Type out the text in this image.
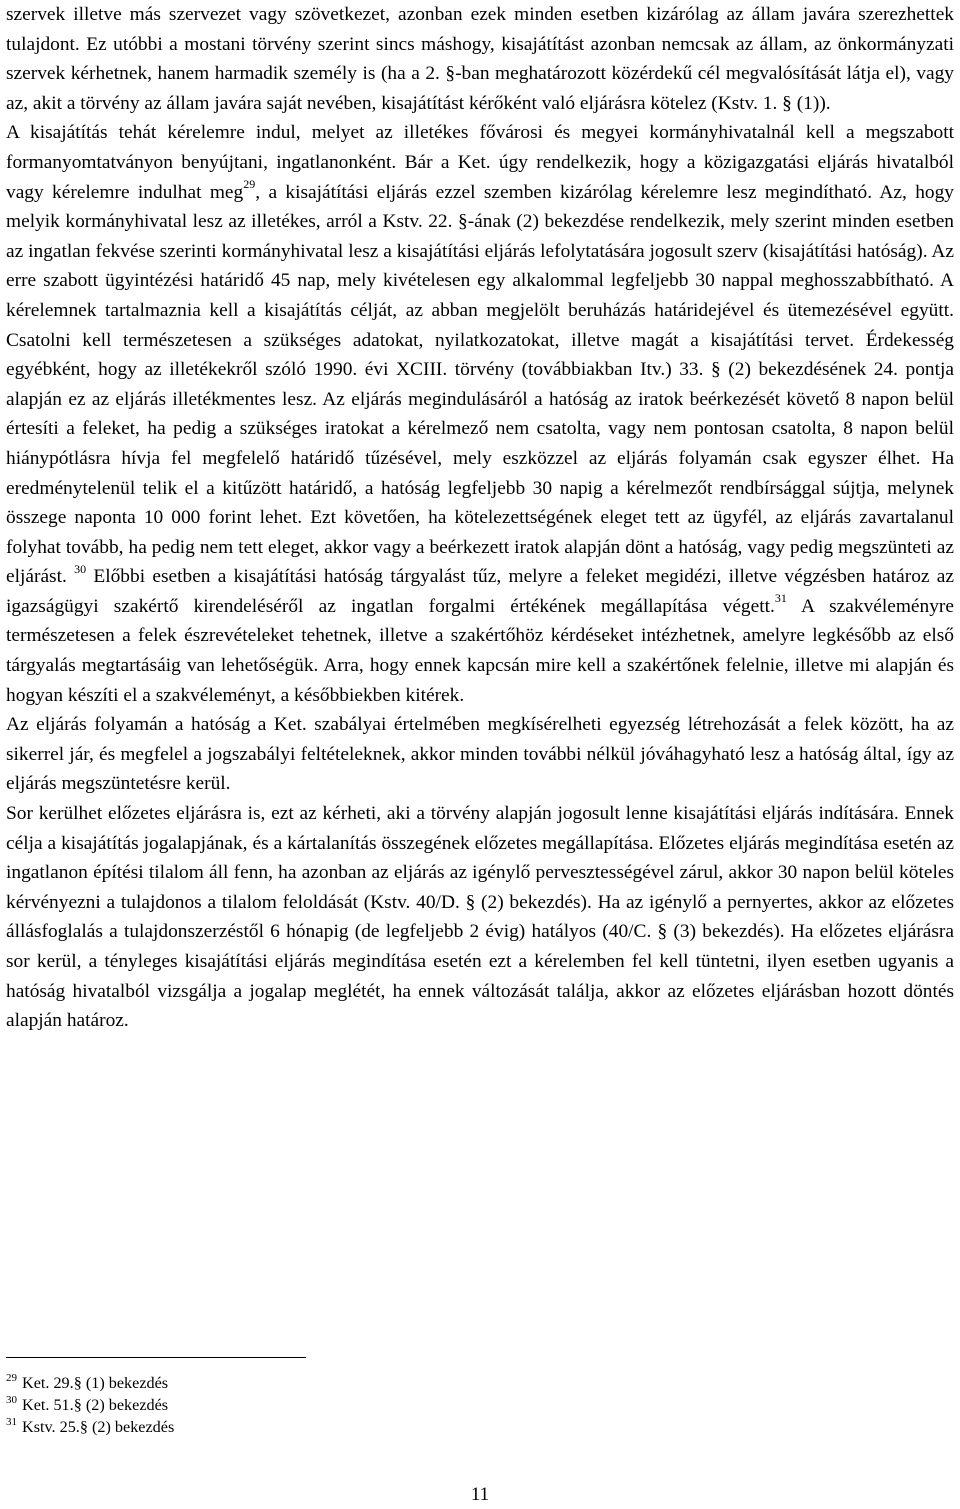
szervek illetve más szervezet vagy szövetkezet, azonban ezek minden esetben kizárólag az állam javára szerezhettek tulajdont. Ez utóbbi a mostani törvény szerint sincs máshogy, kisajátítást azonban nemcsak az állam, az önkormányzati szervek kérhetnek, hanem harmadik személy is (ha a 2. §-ban meghatározott közérdekű cél megvalósítását látja el), vagy az, akit a törvény az állam javára saját nevében, kisajátítást kérőként való eljárásra kötelez (Kstv. 1. § (1)).

A kisajátítás tehát kérelemre indul, melyet az illetékes fővárosi és megyei kormányhivatalnál kell a megszabott formanyomtatványon benyújtani, ingatlanonként. Bár a Ket. úgy rendelkezik, hogy a közigazgatási eljárás hivatalból vagy kérelemre indulhat meg$^{29}$, a kisajátítási eljárás ezzel szemben kizárólag kérelemre lesz megindítható. Az, hogy melyik kormányhivatal lesz az illetékes, arról a Kstv. 22. §-ának (2) bekezdése rendelkezik, mely szerint minden esetben az ingatlan fekvése szerinti kormányhivatal lesz a kisajátítási eljárás lefolytatására jogosult szerv (kisajátítási hatóság). Az erre szabott ügyintézési határidő 45 nap, mely kivételesen egy alkalommal legfeljebb 30 nappal meghosszabbítható. A kérelemnek tartalmaznia kell a kisajátítás célját, az abban megjelölt beruházás határidejével és ütemezésével együtt. Csatolni kell természetesen a szükséges adatokat, nyilatkozatokat, illetve magát a kisajátítási tervet. Érdekesség egyébként, hogy az illetékekről szóló 1990. évi XCIII. törvény (továbbiakban Itv.) 33. § (2) bekezdésének 24. pontja alapján ez az eljárás illetékmentes lesz. Az eljárás megindulásáról a hatóság az iratok beérkezését követő 8 napon belül értesíti a feleket, ha pedig a szükséges iratokat a kérelmező nem csatolta, vagy nem pontosan csatolta, 8 napon belül hiánypótlásra hívja fel megfelelő határidő tűzésével, mely eszközzel az eljárás folyamán csak egyszer élhet. Ha eredménytelenül telik el a kitűzött határidő, a hatóság legfeljebb 30 napig a kérelmezőt rendbírsággal sújtja, melynek összege naponta 10 000 forint lehet. Ezt követően, ha kötelezettségének eleget tett az ügyfél, az eljárás zavartalanul folyhat tovább, ha pedig nem tett eleget, akkor vagy a beérkezett iratok alapján dönt a hatóság, vagy pedig megszünteti az eljárást. $^{30}$ Előbbi esetben a kisajátítási hatóság tárgyalást tűz, melyre a feleket megidézi, illetve végzésben határoz az igazságügyi szakértő kirendeléséről az ingatlan forgalmi értékének megállapítása végett.$^{31}$ A szakvéleményre természetesen a felek észrevételeket tehetnek, illetve a szakértőhöz kérdéseket intézhetnek, amelyre legkésőbb az első tárgyalás megtartásáig van lehetőségük. Arra, hogy ennek kapcsán mire kell a szakértőnek felelnie, illetve mi alapján és hogyan készíti el a szakvéleményt, a későbbiekben kitérek.

Az eljárás folyamán a hatóság a Ket. szabályai értelmében megkísérelheti egyezség létrehozását a felek között, ha az sikerrel jár, és megfelel a jogszabályi feltételeknek, akkor minden további nélkül jóváhagyható lesz a hatóság által, így az eljárás megszüntetésre kerül.

Sor kerülhet előzetes eljárásra is, ezt az kérheti, aki a törvény alapján jogosult lenne kisajátítási eljárás indítására. Ennek célja a kisajátítás jogalapjának, és a kártalanítás összegének előzetes megállapítása. Előzetes eljárás megindítása esetén az ingatlanon építési tilalom áll fenn, ha azonban az eljárás az igénylő pervesztességével zárul, akkor 30 napon belül köteles kérvényezni a tulajdonos a tilalom feloldását (Kstv. 40/D. § (2) bekezdés). Ha az igénylő a pernyertes, akkor az előzetes állásfoglalás a tulajdonszerzéstől 6 hónapig (de legfeljebb 2 évig) hatályos (40/C. § (3) bekezdés). Ha előzetes eljárásra sor kerül, a tényleges kisajátítási eljárás megindítása esetén ezt a kérelemben fel kell tüntetni, ilyen esetben ugyanis a hatóság hivatalból vizsgálja a jogalap meglétét, ha ennek változását találja, akkor az előzetes eljárásban hozott döntés alapján határoz.

$^{29}$ Ket. 29.§ (1) bekezdés
$^{30}$ Ket. 51.§ (2) bekezdés
$^{31}$ Kstv. 25.§ (2) bekezdés
11
